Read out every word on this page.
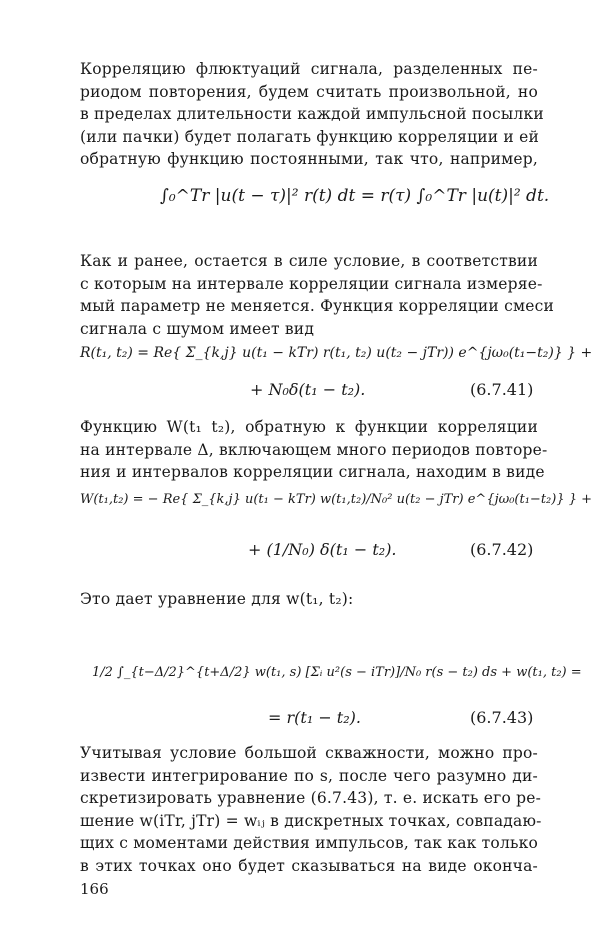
Корреляцию флюктуаций сигнала, разделенных пе-
риодом повторения, будем считать произвольной, но
в пределах длительности каждой импульсной посылки
(или пачки) будет полагать функцию корреляции и ей
обратную функцию постоянными, так что, например,
∫₀^Tr |u(t − τ)|² r(t) dt = r(τ) ∫₀^Tr |u(t)|² dt.
Как и ранее, остается в силе условие, в соответствии
с которым на интервале корреляции сигнала измеряе-
мый параметр не меняется. Функция корреляции смеси
сигнала с шумом имеет вид
R(t₁, t₂) = Re{ Σ_{k,j} u(t₁ − kTr) r(t₁, t₂) u(t₂ − jTr)) e^{jω₀(t₁−t₂)} } +
+ N₀δ(t₁ − t₂).	(6.7.41)
Функцию W(t₁ t₂), обратную к функции корреляции
на интервале Δ, включающем много периодов повторе-
ния и интервалов корреляции сигнала, находим в виде
W(t₁,t₂) = − Re{ Σ_{k,j} u(t₁ − kTr) w(t₁,t₂)/N₀² u(t₂ − jTr) e^{jω₀(t₁−t₂)} } +
+ (1/N₀) δ(t₁ − t₂).	(6.7.42)
Это дает уравнение для w(t₁, t₂):
1/2 ∫_{t−Δ/2}^{t+Δ/2} w(t₁, s) [Σᵢ u²(s − iTr)]/N₀ r(s − t₂) ds + w(t₁, t₂) =
= r(t₁ − t₂).	(6.7.43)
Учитывая условие большой скважности, можно про-
извести интегрирование по s, после чего разумно ди-
скретизировать уравнение (6.7.43), т. е. искать его ре-
шение w(iTr, jTr) = wᵢⱼ в дискретных точках, совпадаю-
щих с моментами действия импульсов, так как только
в этих точках оно будет сказываться на виде оконча-
166
